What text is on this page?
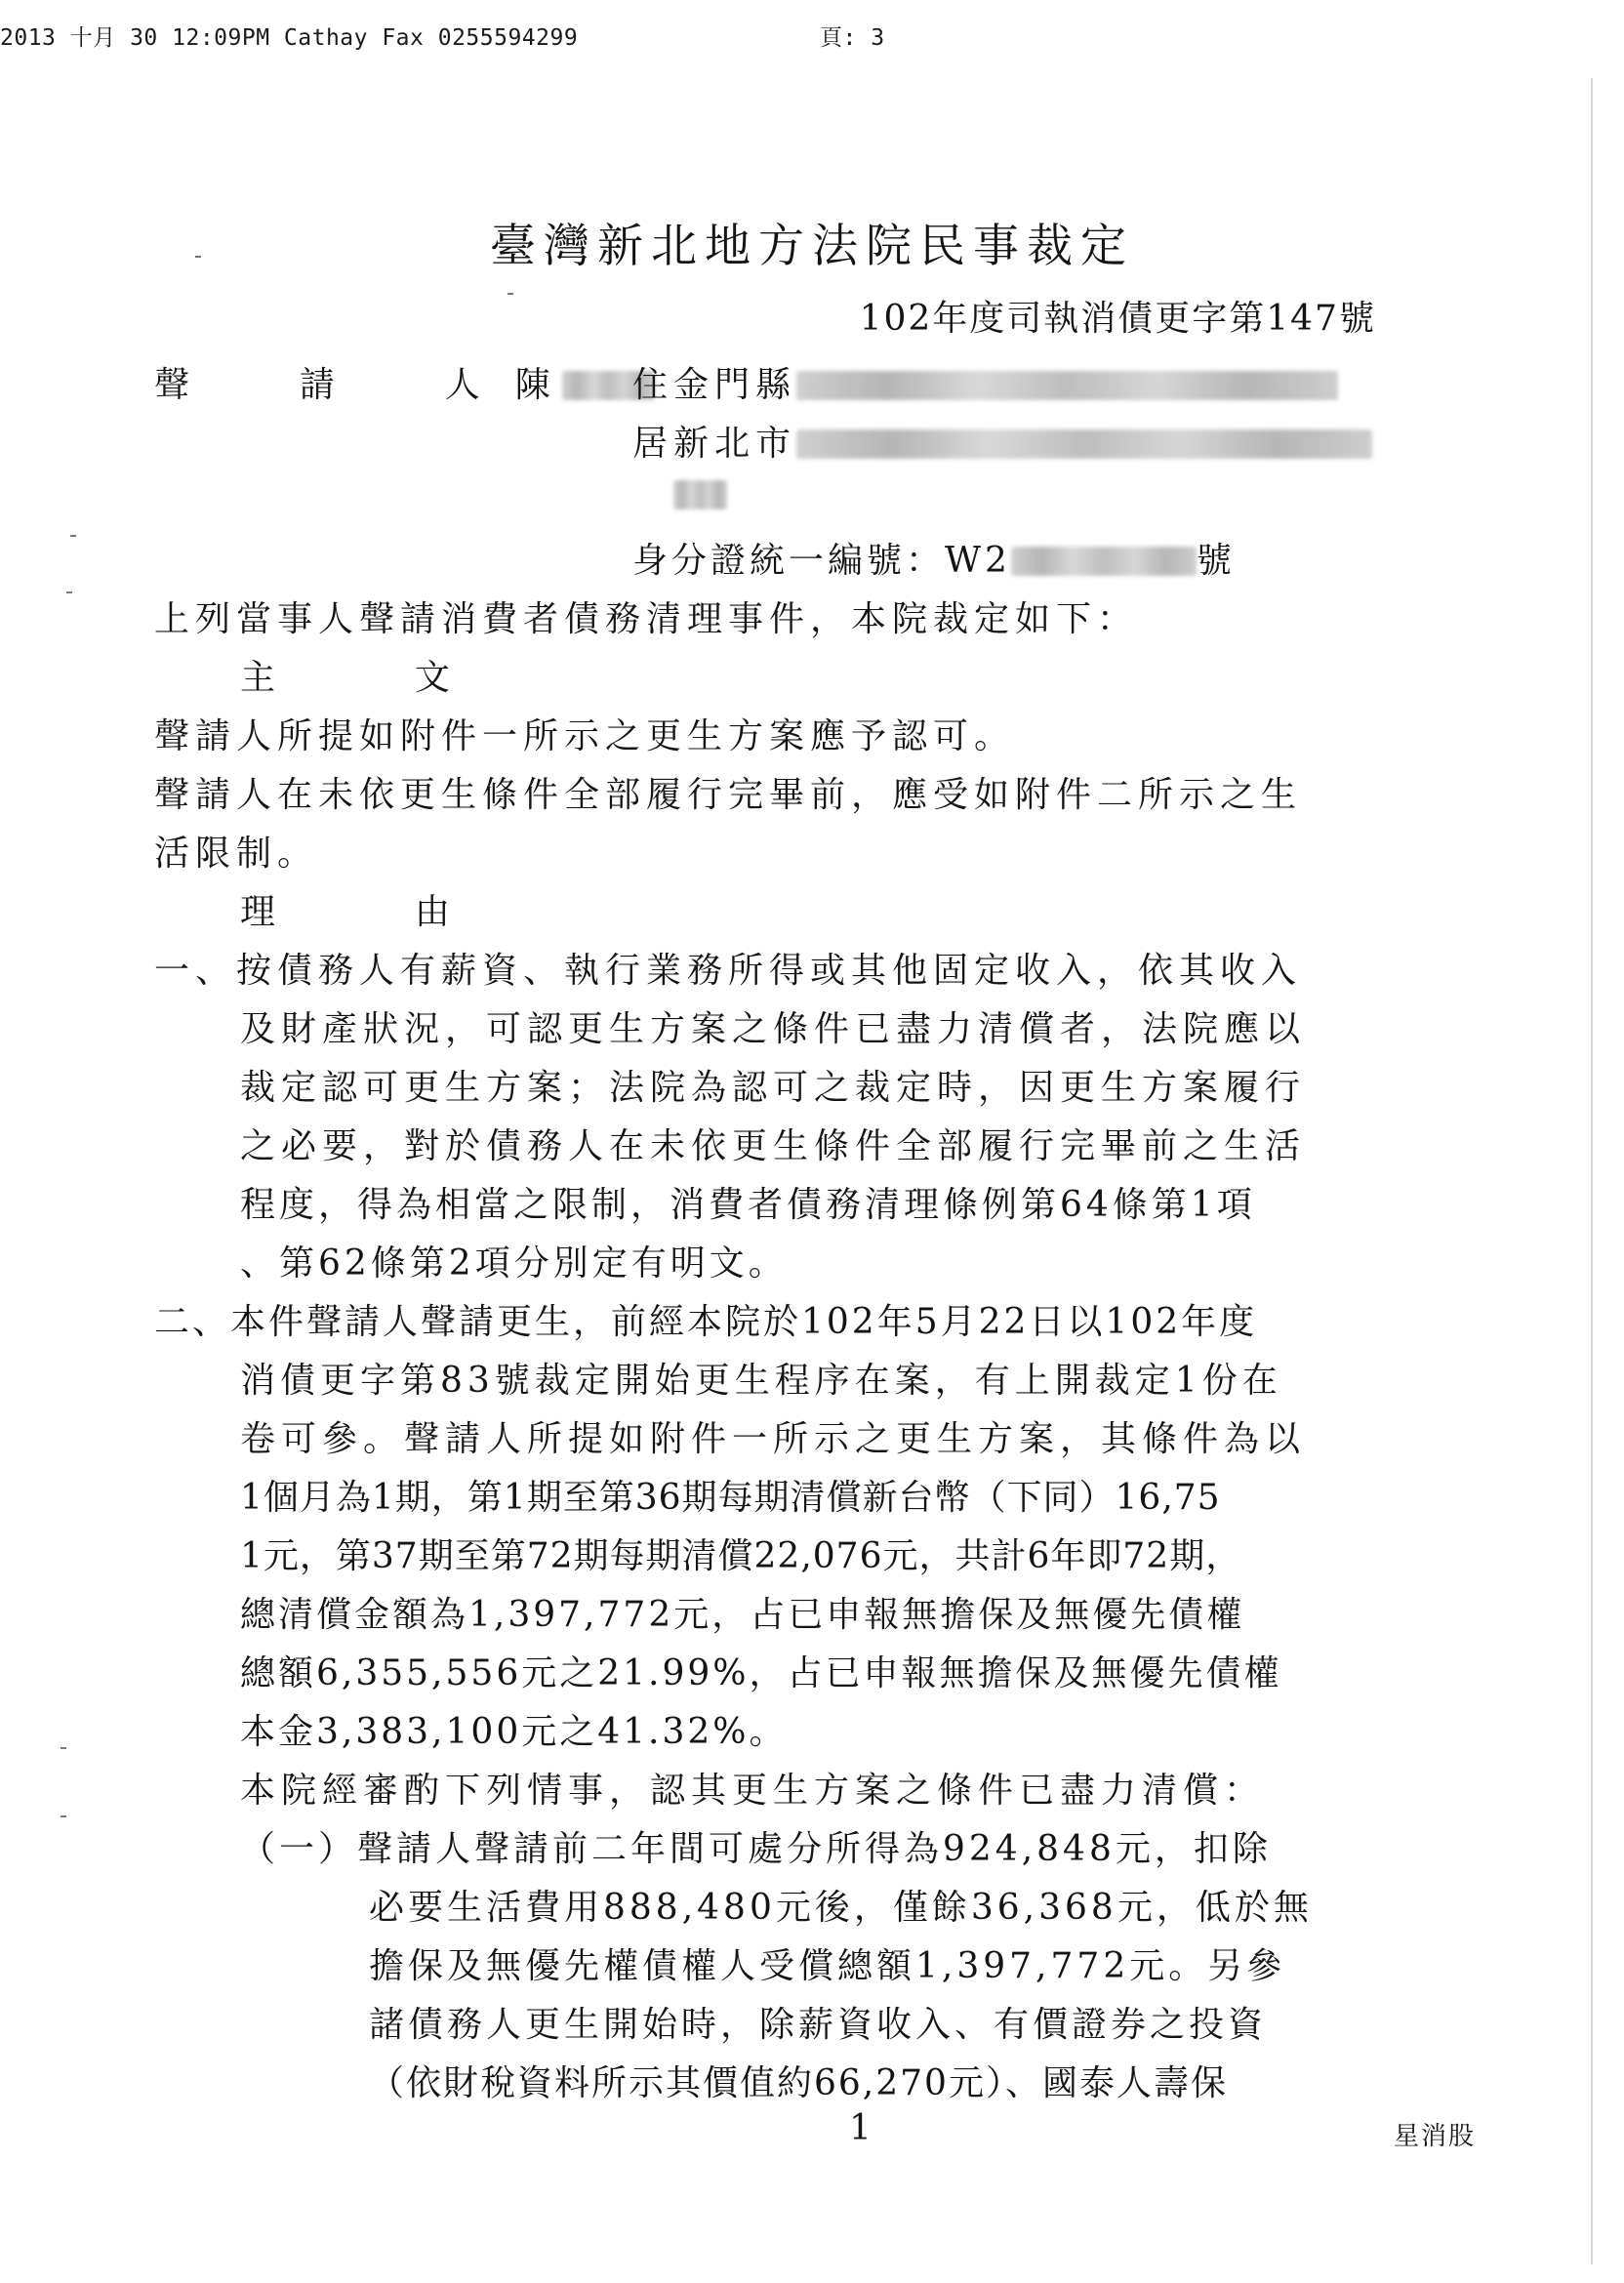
2013 十月 30 12:09PM Cathay Fax 0255594299	頁: 3
臺灣新北地方法院民事裁定
102年度司執消債更字第147號
聲  請  人 陳	住金門縣
居新北市
身分證統一編號：W2	號
上列當事人聲請消費者債務清理事件，本院裁定如下：
主  文
聲請人所提如附件一所示之更生方案應予認可。
聲請人在未依更生條件全部履行完畢前，應受如附件二所示之生
活限制。
理  由
一、按債務人有薪資、執行業務所得或其他固定收入，依其收入
及財產狀況，可認更生方案之條件已盡力清償者，法院應以
裁定認可更生方案；法院為認可之裁定時，因更生方案履行
之必要，對於債務人在未依更生條件全部履行完畢前之生活
程度，得為相當之限制，消費者債務清理條例第64條第1項
、第62條第2項分別定有明文。
二、本件聲請人聲請更生，前經本院於102年5月22日以102年度
消債更字第83號裁定開始更生程序在案，有上開裁定1份在
卷可參。聲請人所提如附件一所示之更生方案，其條件為以
1個月為1期，第1期至第36期每期清償新台幣（下同）16,75
1元，第37期至第72期每期清償22,076元，共計6年即72期，
總清償金額為1,397,772元，占已申報無擔保及無優先債權
總額6,355,556元之21.99%，占已申報無擔保及無優先債權
本金3,383,100元之41.32%。
本院經審酌下列情事，認其更生方案之條件已盡力清償：
（一）聲請人聲請前二年間可處分所得為924,848元，扣除
必要生活費用888,480元後，僅餘36,368元，低於無
擔保及無優先權債權人受償總額1,397,772元。另參
諸債務人更生開始時，除薪資收入、有價證券之投資
（依財稅資料所示其價值約66,270元）、國泰人壽保
1	星消股
